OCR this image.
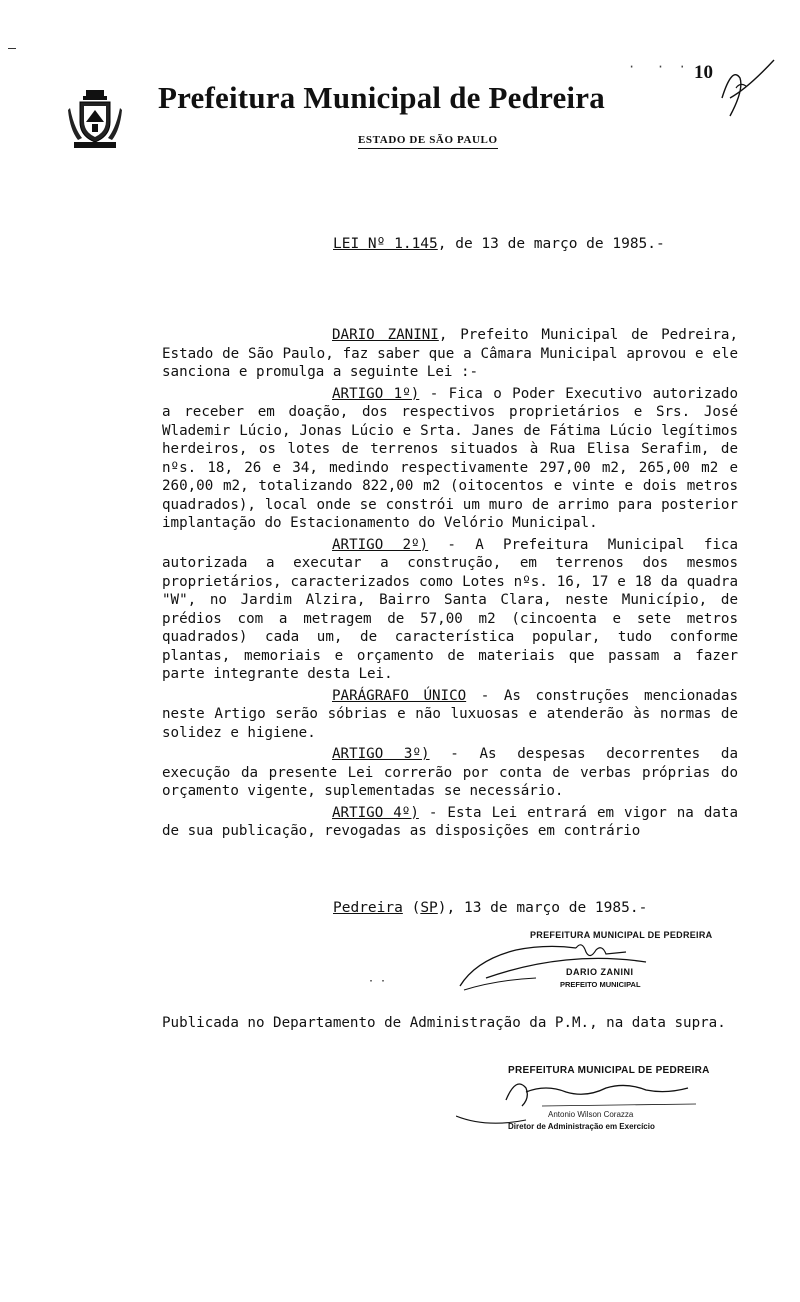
Prefeitura Municipal de Pedreira
ESTADO DE SÃO PAULO
·   ·  · 10
LEI Nº 1.145, de 13 de março de 1985.-

DARIO ZANINI, Prefeito Municipal de Pedreira, Estado de São Paulo, faz saber que a Câmara Municipal aprovou e ele sanciona e promulga a seguinte Lei :-

ARTIGO 1º) - Fica o Poder Executivo autorizado a receber em doação, dos respectivos proprietários e Srs. José Wlademir Lúcio, Jonas Lúcio e Srta. Janes de Fátima Lúcio legítimos herdeiros, os lotes de terrenos situados à Rua Elisa Serafim, de nºs. 18, 26 e 34, medindo respectivamente 297,00 m2, 265,00 m2 e 260,00 m2, totalizando 822,00 m2 (oitocentos e vinte e dois metros quadrados), local onde se constrói um muro de arrimo para posterior implantação do Estacionamento do Velório Municipal.

ARTIGO 2º) - A Prefeitura Municipal fica autorizada a executar a construção, em terrenos dos mesmos proprietários, caracterizados como Lotes nºs. 16, 17 e 18 da quadra "W", no Jardim Alzira, Bairro Santa Clara, neste Município, de prédios com a metragem de 57,00 m2 (cincoenta e sete metros quadrados) cada um, de característica popular, tudo conforme plantas, memoriais e orçamento de materiais que passam a fazer parte integrante desta Lei.

PARÁGRAFO ÚNICO - As construções mencionadas neste Artigo serão sóbrias e não luxuosas e atenderão às normas de solidez e higiene.

ARTIGO 3º) - As despesas decorrentes da execução da presente Lei correrão por conta de verbas próprias do orçamento vigente, suplementadas se necessário.

ARTIGO 4º) - Esta Lei entrará em vigor na data de sua publicação, revogadas as disposições em contrário

Pedreira (SP), 13 de março de 1985.-
PREFEITURA MUNICIPAL DE PEDREIRA
DARIO ZANINI
PREFEITO MUNICIPAL
· ·
Publicada no Departamento de Administração da P.M., na data supra.
PREFEITURA MUNICIPAL DE PEDREIRA
Antonio Wilson Corazza
Diretor de Administração em Exercício
